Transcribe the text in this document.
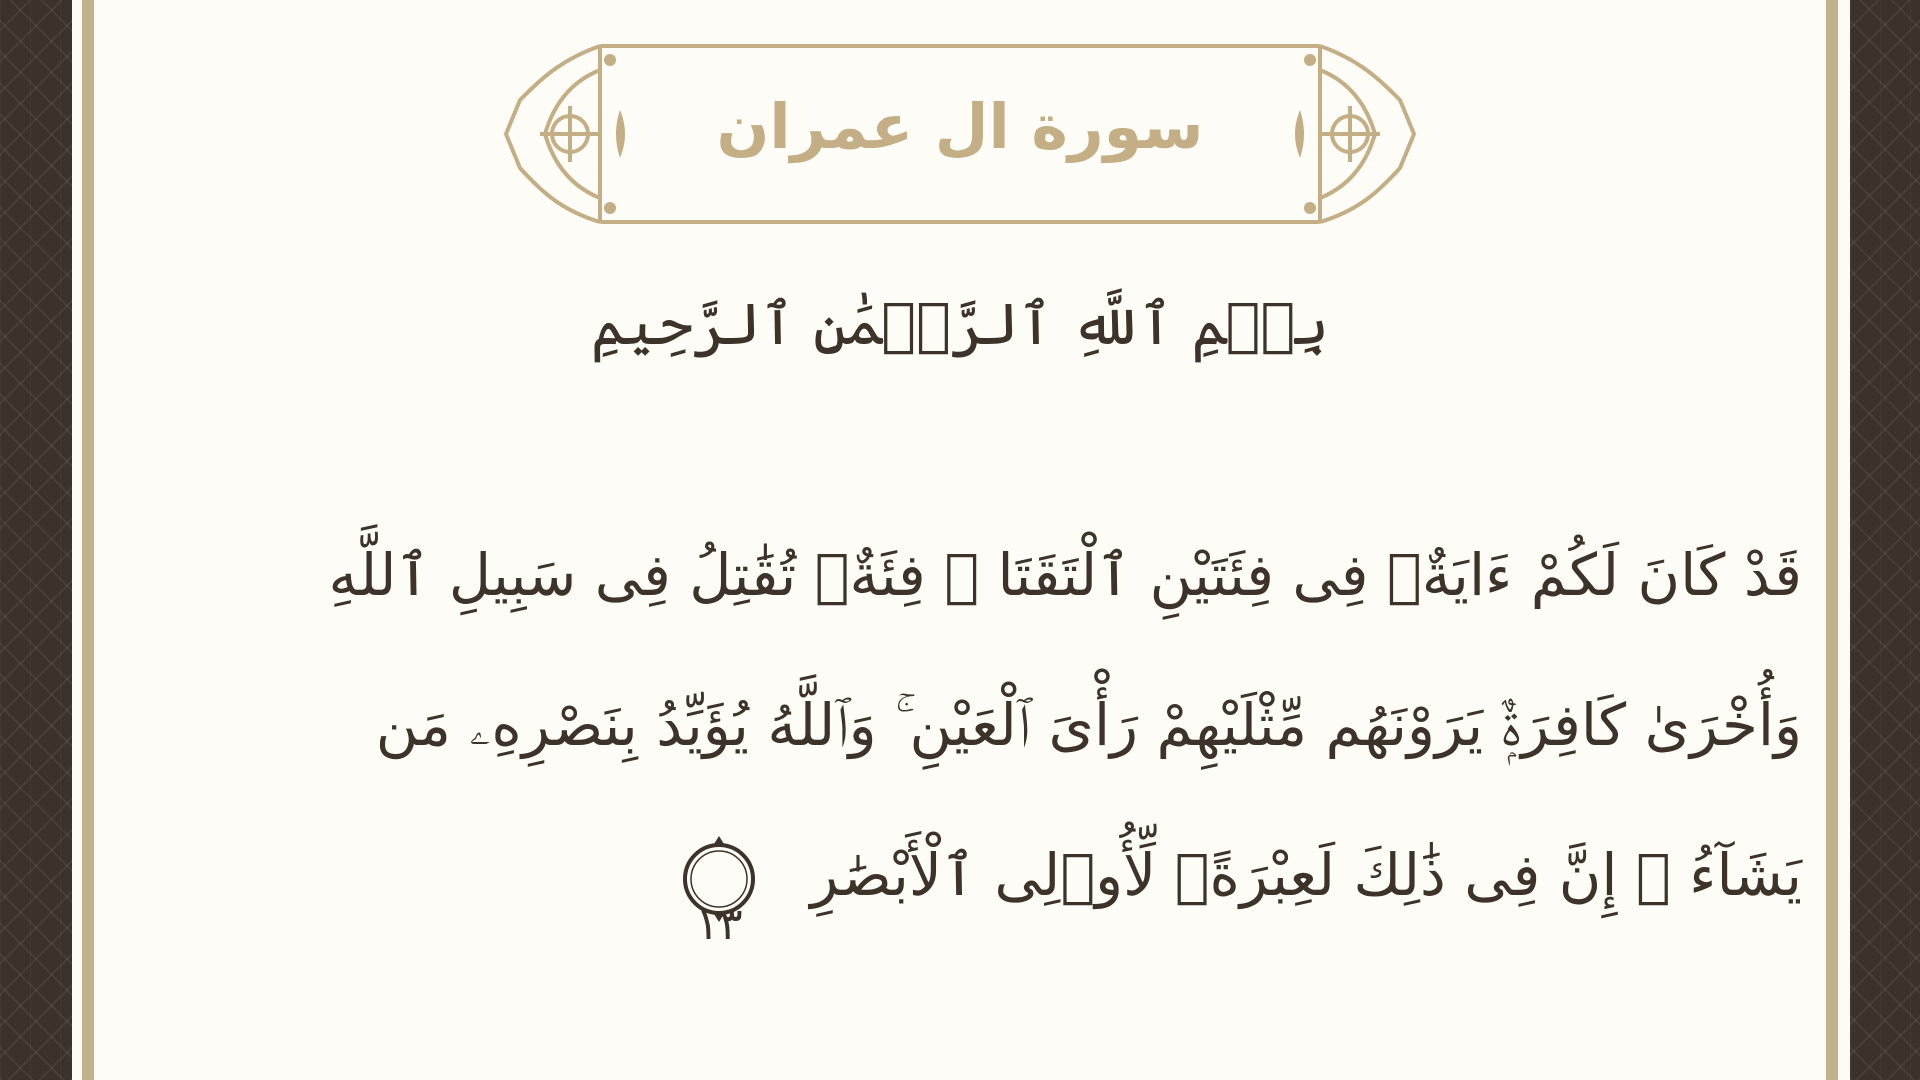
سورة ال عمران
بِسۡمِ ٱللَّهِ ٱلرَّحۡمَٰنِ ٱلرَّحِيمِ
قَدْ كَانَ لَكُمْ ءَايَةٌۭ فِى فِئَتَيْنِ ٱلْتَقَتَا ۖ فِئَةٌۭ تُقَٰتِلُ فِى سَبِيلِ ٱللَّهِ
وَأُخْرَىٰ كَافِرَةٌۭ يَرَوْنَهُم مِّثْلَيْهِمْ رَأْىَ ٱلْعَيْنِ ۚ وَٱللَّهُ يُؤَيِّدُ بِنَصْرِهِۦ مَن
يَشَآءُ ۗ إِنَّ فِى ذَٰلِكَ لَعِبْرَةًۭ لِّأُو۟لِى ٱلْأَبْصَٰرِ
١٣
